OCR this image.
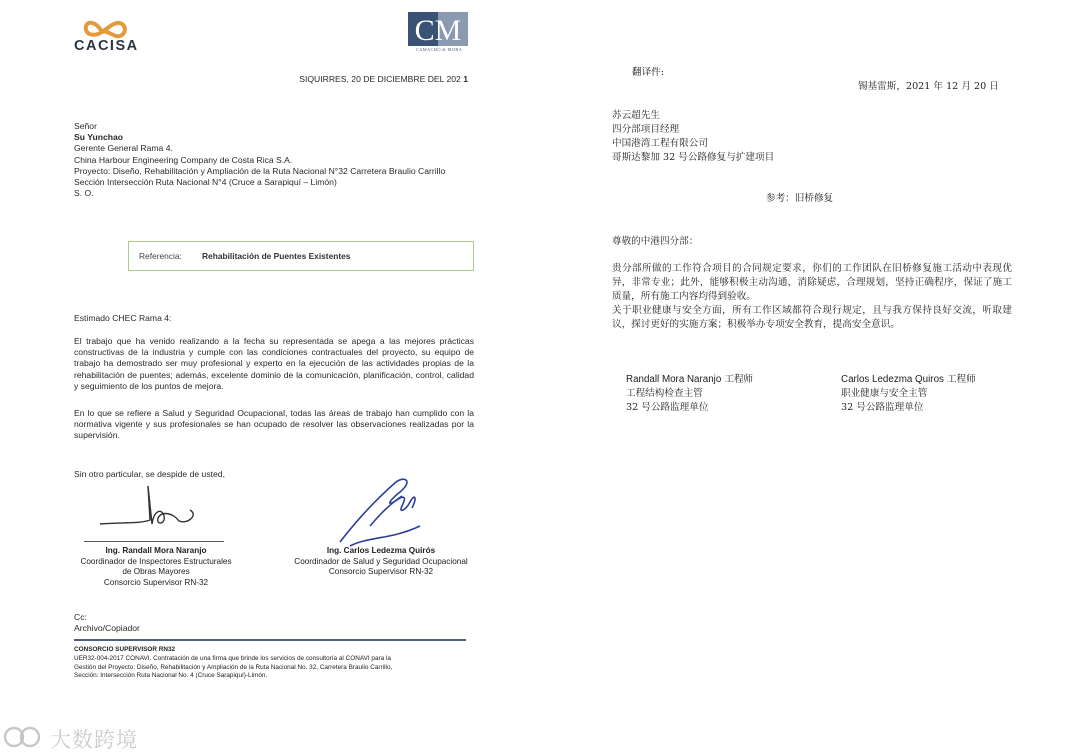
CACISA	CM
CAMACHO & MORA
SIQUIRRES, 20 DE DICIEMBRE DEL 202 1
Señor
Su Yunchao
Gerente General Rama 4.
China Harbour Engineering Company de Costa Rica S.A.
Proyecto: Diseño, Rehabilitación y Ampliación de la Ruta Nacional N°32 Carretera Braulio Carrillo
Sección Intersección Ruta Nacional N°4 (Cruce a Sarapiquí – Limón)
S. O.
Referencia: Rehabilitación de Puentes Existentes
Estimado CHEC Rama 4:
El trabajo que ha venido realizando a la fecha su representada se apega a las mejores prácticas constructivas de la industria y cumple con las condiciones contractuales del proyecto, su equipo de trabajo ha demostrado ser muy profesional y experto en la ejecución de las actividades propias de la rehabilitación de puentes; además, excelente dominio de la comunicación, planificación, control, calidad y seguimiento de los puntos de mejora.
En lo que se refiere a Salud y Seguridad Ocupacional, todas las áreas de trabajo han cumplido con la normativa vigente y sus profesionales se han ocupado de resolver las observaciones realizadas por la supervisión.
Sin otro particular, se despide de usted,
Ing. Randall Mora Naranjo
Coordinador de Inspectores Estructurales
de Obras Mayores
Consorcio Supervisor RN-32
Ing. Carlos Ledezma Quirós
Coordinador de Salud y Seguridad Ocupacional
Consorcio Supervisor RN-32
Cc:
Archivo/Copiador
CONSORCIO SUPERVISOR RN32
UER32-004-2017 CONAVI. Contratación de una firma que brinde los servicios de consultoría al CONAVI para la
Gestión del Proyecto: Diseño, Rehabilitación y Ampliación de la Ruta Nacional No. 32, Carretera Braulio Carrillo,
Sección: Intersección Ruta Nacional No. 4 (Cruce Sarapiquí)-Limón.
大数跨境
翻译件:
锡基雷斯，2021 年 12 月 20 日
苏云超先生
四分部项目经理
中国港湾工程有限公司
哥斯达黎加 32 号公路修复与扩建项目
参考：旧桥修复
尊敬的中港四分部：

贵分部所做的工作符合项目的合同规定要求，你们的工作团队在旧桥修复施工活动中表现优异，非常专业；此外，能够积极主动沟通，消除疑虑，合理规划，坚持正确程序，保证了施工质量，所有施工内容均得到验收。

关于职业健康与安全方面，所有工作区域都符合现行规定，且与我方保持良好交流，听取建议，探讨更好的实施方案；积极举办专项安全教育，提高安全意识。

Randall Mora Naranjo 工程师
工程结构检查主管
32 号公路监理单位
Carlos Ledezma Quiros 工程师
职业健康与安全主管
32 号公路监理单位
